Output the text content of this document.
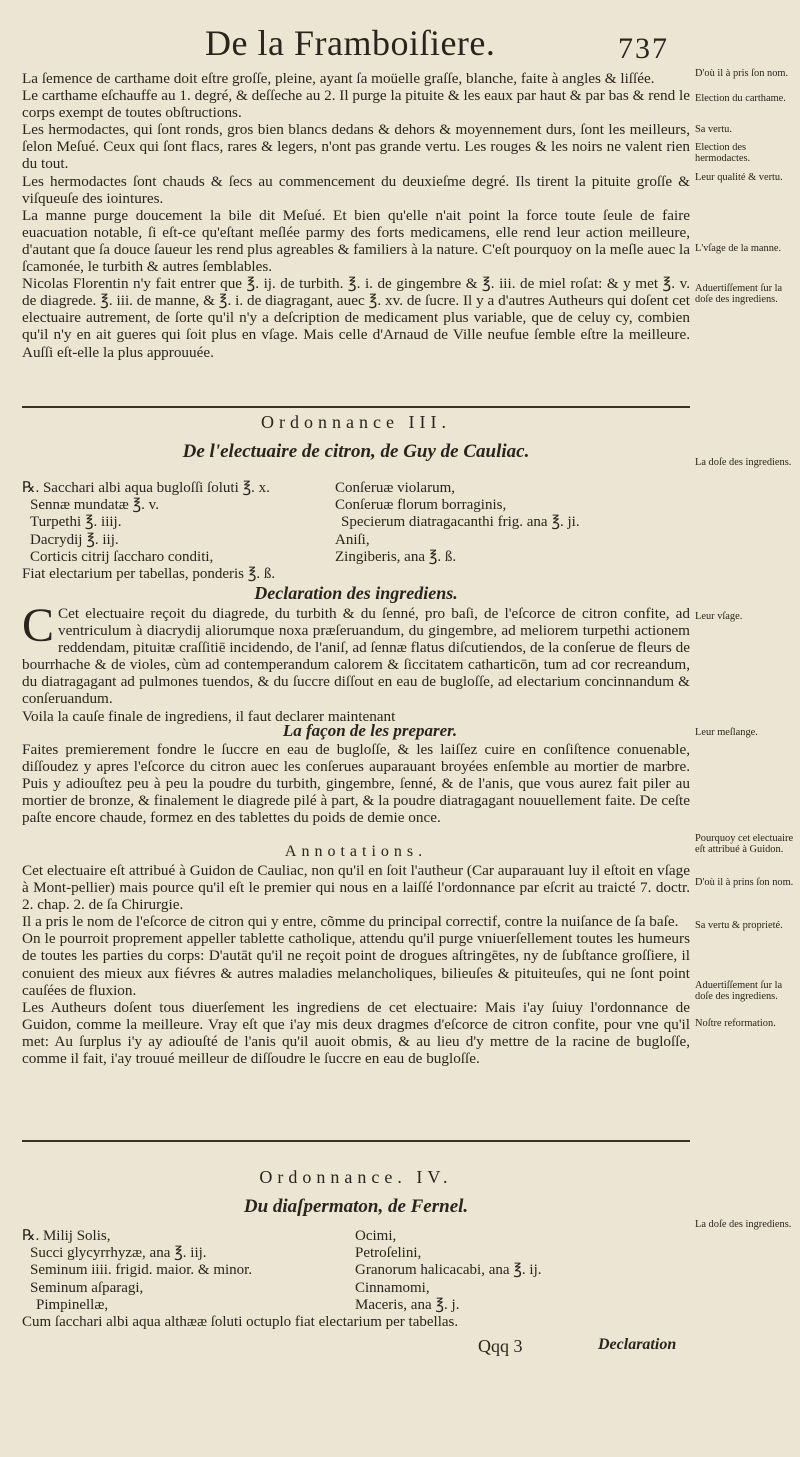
De la Framboiſiere.	737

La ſemence de carthame doit eſtre groſſe, pleine, ayant ſa moüelle graſſe, blanche, faite à angles & liſſée.

Le carthame eſchauffe au 1. degré, & deſſeche au 2. Il purge la pituite & les eaux par haut & par bas & rend le corps exempt de toutes obſtructions.

Les hermodactes, qui ſont ronds, gros bien blancs dedans & dehors & moyennement durs, ſont les meilleurs, ſelon Meſué. Ceux qui ſont flacs, rares & legers, n'ont pas grande vertu. Les rouges & les noirs ne valent rien du tout.

Les hermodactes ſont chauds & ſecs au commencement du deuxieſme degré. Ils tirent la pituite groſſe & viſqueuſe des iointures.

La manne purge doucement la bile dit Meſué. Et bien qu'elle n'ait point la force toute ſeule de faire euacuation notable, ſi eſt-ce qu'eſtant meſlée parmy des forts medicamens, elle rend leur action meilleure, d'autant que ſa douce ſaueur les rend plus agreables & familiers à la nature. C'eſt pourquoy on la meſle auec la ſcamonée, le turbith & autres ſemblables.

Nicolas Florentin n'y fait entrer que ℥. ij. de turbith. ℥. i. de gingembre & ℥. iii. de miel roſat: & y met ℥. v. de diagrede. ℥. iii. de manne, & ℥. i. de diagragant, auec ℥. xv. de ſucre. Il y a d'autres Autheurs qui doſent cet electuaire autrement, de ſorte qu'il n'y a deſcription de medicament plus variable, que de celuy cy, combien qu'il n'y en ait gueres qui ſoit plus en vſage. Mais celle d'Arnaud de Ville neufue ſemble eſtre la meilleure. Auſſi eſt-elle la plus approuuée.

D'où il à pris ſon nom.
Election du carthame.
Sa vertu.
Election des hermodactes.
Leur qualité & vertu.
L'vſage de la manne.
Aduertiſſement ſur la doſe des ingrediens.
Ordonnance III.
De l'electuaire de citron, de Guy de Cauliac.
La doſe des ingrediens.
℞. Sacchari albi aqua bugloſſi ſoluti ℥. x.
Sennæ mundatæ ℥. v.
Turpethi ℥. iiij.
Dacrydij ℥. iij.
Corticis citrij ſaccharo conditi,
Conſeruæ violarum,
Conſeruæ florum borraginis,
Specierum diatragacanthi frig. ana ℥. ji.
Aniſi,
Zingiberis, ana ℥. ß.
Fiat electarium per tabellas, ponderis ℥. ß.
Declaration des ingrediens.

C Cet electuaire reçoit du diagrede, du turbith & du ſenné, pro baſi, de l'eſcorce de citron confite, ad ventriculum à diacrydij aliorumque noxa præſeruandum, du gingembre, ad meliorem turpethi actionem reddendam, pituitæ craſſitiē incidendo, de l'aniſ, ad ſennæ flatus diſcutiendos, de la conſerue de fleurs de bourrhache & de violes, cùm ad contemperandum calorem & ſiccitatem catharticōn, tum ad cor recreandum, du diatragagant ad pulmones tuendos, & du ſuccre diſſout en eau de bugloſſe, ad electarium concinnandum & conſeruandum.

Voila la cauſe finale de ingrediens, il faut declarer maintenant

Leur vſage.
Leur meſlange.
Pourquoy cet electuaire eſt attribué à Guidon.
D'où il à prins ſon nom.
Sa vertu & proprieté.
Aduertiſſement ſur la doſe des ingrediens.
Noſtre reformation.
La façon de les preparer.

Faites premierement fondre le ſuccre en eau de bugloſſe, & les laiſſez cuire en conſiſtence conuenable, diſſoudez y apres l'eſcorce du citron auec les conſerues auparauant broyées enſemble au mortier de marbre. Puis y adiouſtez peu à peu la poudre du turbith, gingembre, ſenné, & de l'anis, que vous aurez fait piler au mortier de bronze, & finalement le diagrede pilé à part, & la poudre diatragagant nouuellement faite. De ceſte paſte encore chaude, formez en des tablettes du poids de demie once.

Annotations.

Cet electuaire eſt attribué à Guidon de Cauliac, non qu'il en ſoit l'autheur (Car auparauant luy il eſtoit en vſage à Mont-pellier) mais pource qu'il eſt le premier qui nous en a laiſſé l'ordonnance par eſcrit au traicté 7. doctr. 2. chap. 2. de ſa Chirurgie.

Il a pris le nom de l'eſcorce de citron qui y entre, cõmme du principal correctif, contre la nuiſance de ſa baſe.

On le pourroit proprement appeller tablette catholique, attendu qu'il purge vniuerſellement toutes les humeurs de toutes les parties du corps: D'autāt qu'il ne reçoit point de drogues aſtringētes, ny de ſubſtance groſſiere, il conuient des mieux aux fiévres & autres maladies melancholiques, bilieuſes & pituiteuſes, qui ne ſont point cauſées de fluxion.

Les Autheurs doſent tous diuerſement les ingrediens de cet electuaire: Mais i'ay ſuiuy l'ordonnance de Guidon, comme la meilleure. Vray eſt que i'ay mis deux dragmes d'eſcorce de citron confite, pour vne qu'il met: Au ſurplus i'y ay adiouſté de l'anis qu'il auoit obmis, & au lieu d'y mettre de la racine de bugloſſe, comme il fait, i'ay trouué meilleur de diſſoudre le ſuccre en eau de bugloſſe.

Ordonnance. IV.
Du diaſpermaton, de Fernel.
La doſe des ingrediens.
℞. Milij Solis,
Succi glycyrrhyzæ, ana ℥. iij.
Seminum iiii. frigid. maior. & minor.
Seminum aſparagi,
Pimpinellæ,
Ocimi,
Petroſelini,
Granorum halicacabi, ana ℥. ij.
Cinnamomi,
Maceris, ana ℥. j.
Cum ſacchari albi aqua althææ ſoluti octuplo fiat electarium per tabellas.
Qqq 3	Declaration
